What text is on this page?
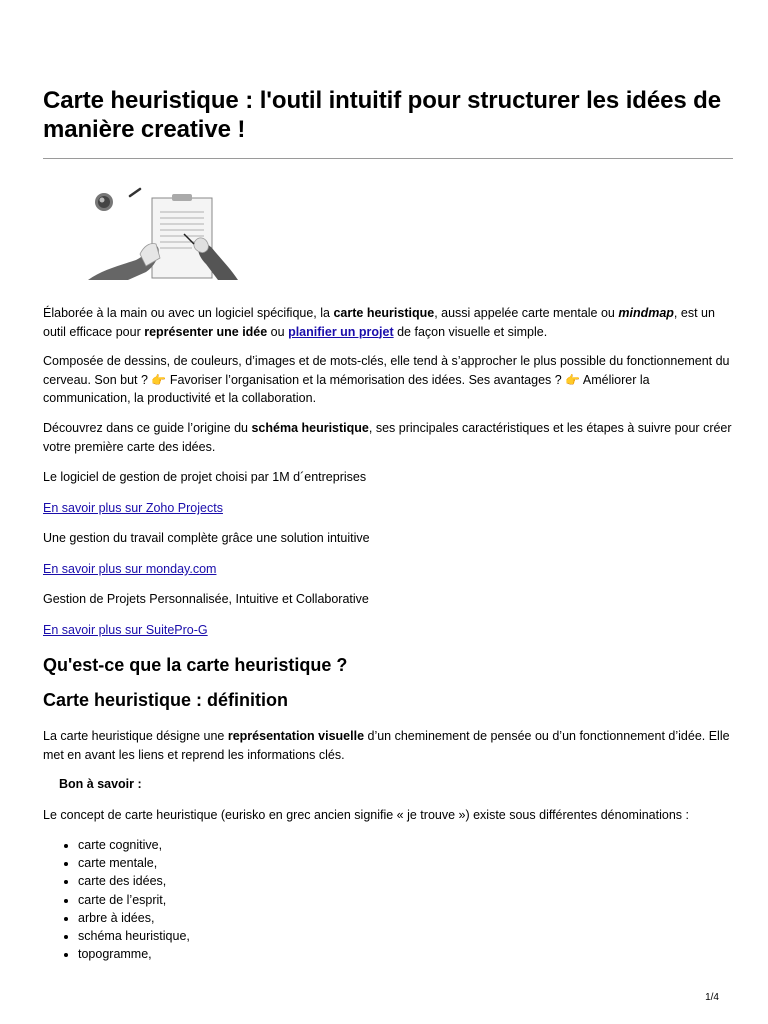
Carte heuristique : l'outil intuitif pour structurer les idées de manière creative !

Élaborée à la main ou avec un logiciel spécifique, la carte heuristique, aussi appelée carte mentale ou mindmap, est un outil efficace pour représenter une idée ou planifier un projet de façon visuelle et simple.

Composée de dessins, de couleurs, d’images et de mots-clés, elle tend à s’approcher le plus possible du fonctionnement du cerveau. Son but ? 👉 Favoriser l’organisation et la mémorisation des idées. Ses avantages ? 👉 Améliorer la communication, la productivité et la collaboration.

Découvrez dans ce guide l’origine du schéma heuristique, ses principales caractéristiques et les étapes à suivre pour créer votre première carte des idées.

Le logiciel de gestion de projet choisi par 1M d´entreprises

En savoir plus sur Zoho Projects

Une gestion du travail complète grâce une solution intuitive

En savoir plus sur monday.com

Gestion de Projets Personnalisée, Intuitive et Collaborative

En savoir plus sur SuitePro-G

Qu'est-ce que la carte heuristique ?
Carte heuristique : définition

La carte heuristique désigne une représentation visuelle d’un cheminement de pensée ou d’un fonctionnement d’idée. Elle met en avant les liens et reprend les informations clés.

Bon à savoir :

Le concept de carte heuristique (eurisko en grec ancien signifie « je trouve ») existe sous différentes dénominations :

carte cognitive,
carte mentale,
carte des idées,
carte de l’esprit,
arbre à idées,
schéma heuristique,
topogramme,
1/4
